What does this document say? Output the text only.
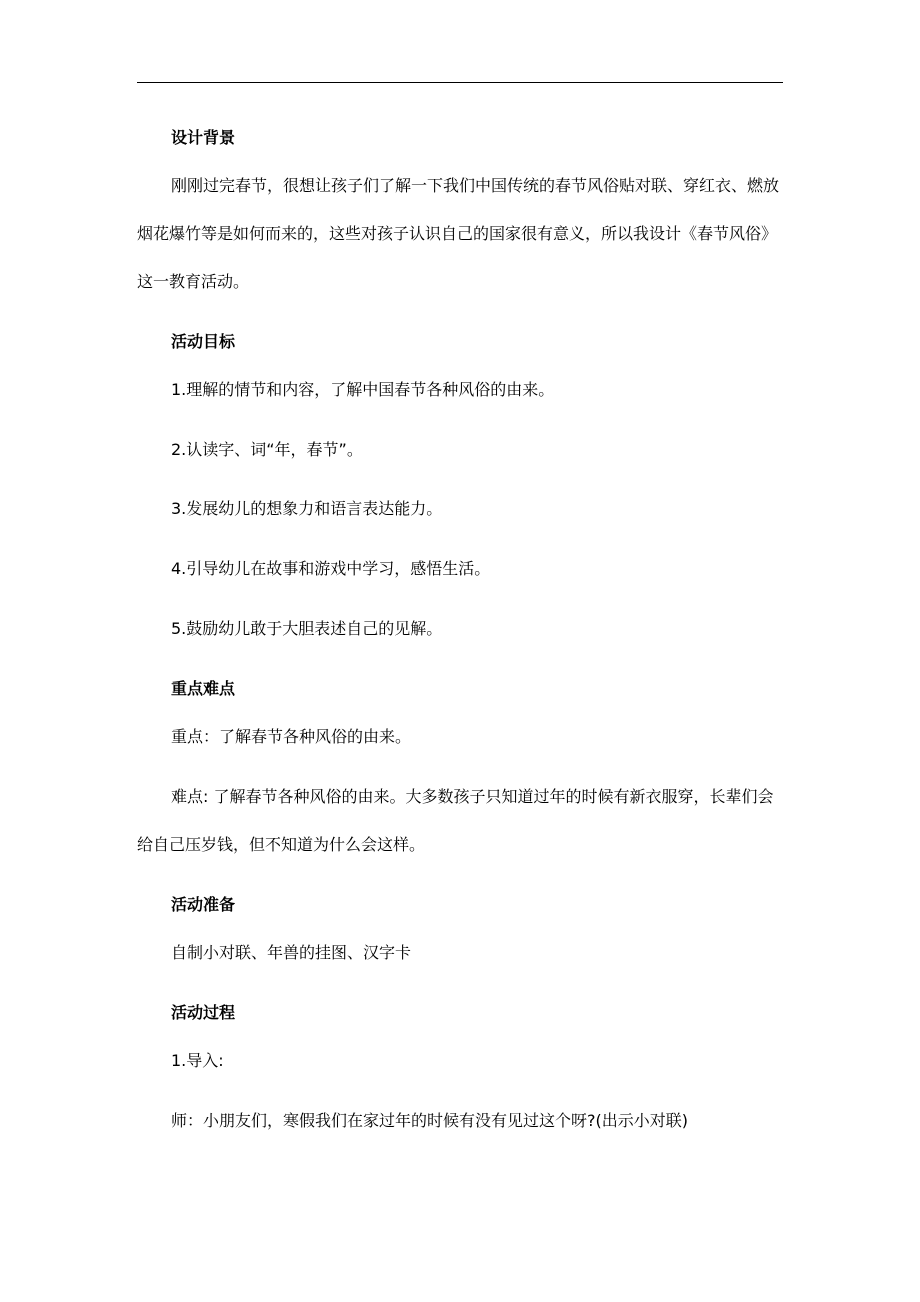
设计背景
刚刚过完春节，很想让孩子们了解一下我们中国传统的春节风俗贴对联、穿红衣、燃放
烟花爆竹等是如何而来的，这些对孩子认识自己的国家很有意义，所以我设计《春节风俗》
这一教育活动。
活动目标
1.理解的情节和内容，了解中国春节各种风俗的由来。
2.认读字、词“年，春节”。
3.发展幼儿的想象力和语言表达能力。
4.引导幼儿在故事和游戏中学习，感悟生活。
5.鼓励幼儿敢于大胆表述自己的见解。
重点难点
重点：了解春节各种风俗的由来。
难点: 了解春节各种风俗的由来。大多数孩子只知道过年的时候有新衣服穿，长辈们会
给自己压岁钱，但不知道为什么会这样。
活动准备
自制小对联、年兽的挂图、汉字卡
活动过程
1.导入:
师：小朋友们，寒假我们在家过年的时候有没有见过这个呀?(出示小对联)
